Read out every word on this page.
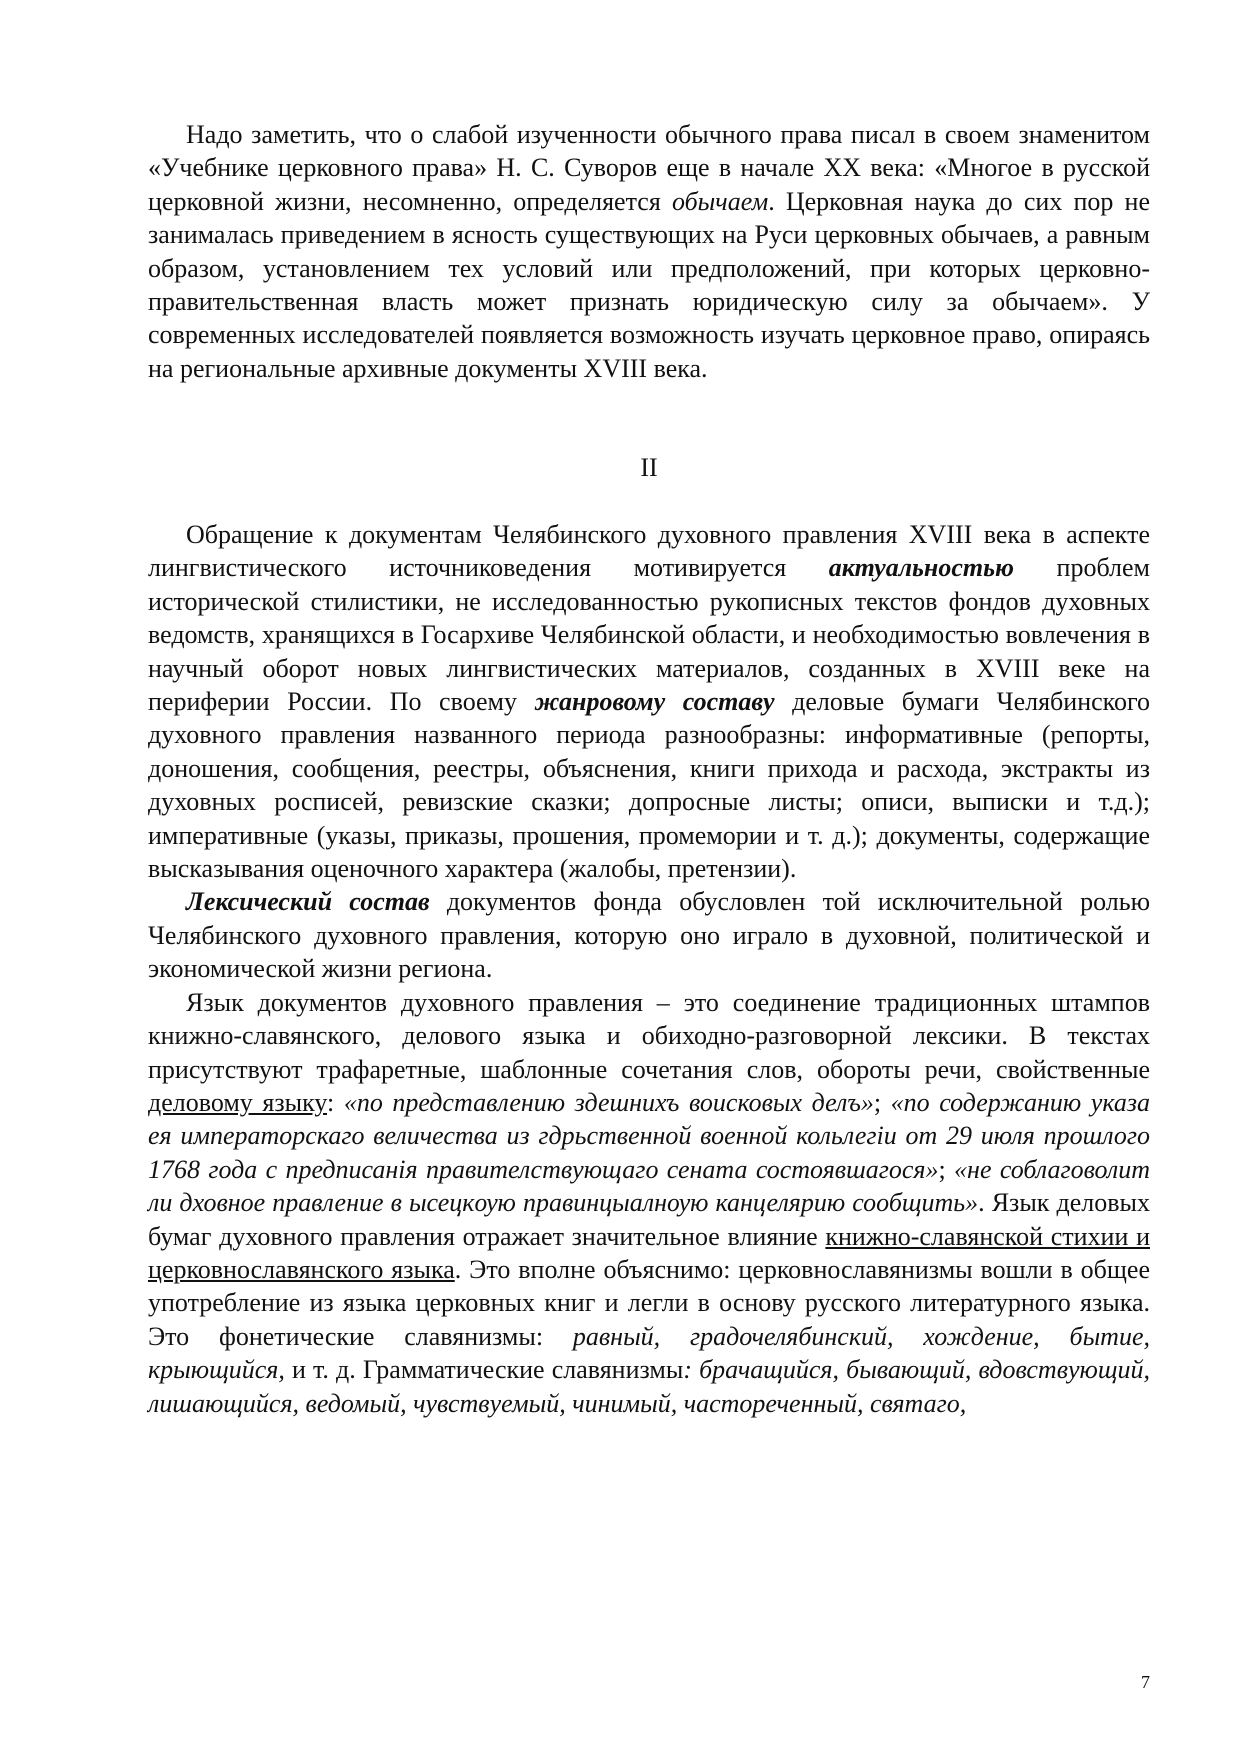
Надо заметить, что о слабой изученности обычного права писал в своем знаменитом «Учебнике церковного права» Н. С. Суворов еще в начале XX века: «Многое в русской церковной жизни, несомненно, определяется обычаем. Церковная наука до сих пор не занималась приведением в ясность существующих на Руси церковных обычаев, а равным образом, установлением тех условий или предположений, при которых церковно-правительственная власть может признать юридическую силу за обычаем». У современных исследователей появляется возможность изучать церковное право, опираясь на региональные архивные документы XVIII века.

II

Обращение к документам Челябинского духовного правления XVIII века в аспекте лингвистического источниковедения мотивируется актуальностью проблем исторической стилистики, не исследованностью рукописных текстов фондов духовных ведомств, хранящихся в Госархиве Челябинской области, и необходимостью вовлечения в научный оборот новых лингвистических материалов, созданных в XVIII веке на периферии России. По своему жанровому составу деловые бумаги Челябинского духовного правления названного периода разнообразны: информативные (репорты, доношения, сообщения, реестры, объяснения, книги прихода и расхода, экстракты из духовных росписей, ревизские сказки; допросные листы; описи, выписки и т.д.); императивные (указы, приказы, прошения, промемории и т. д.); документы, содержащие высказывания оценочного характера (жалобы, претензии).

Лексический состав документов фонда обусловлен той исключительной ролью Челябинского духовного правления, которую оно играло в духовной, политической и экономической жизни региона.

Язык документов духовного правления – это соединение традиционных штампов книжно-славянского, делового языка и обиходно-разговорной лексики. В текстах присутствуют трафаретные, шаблонные сочетания слов, обороты речи, свойственные деловому языку: «по представлению здешнихъ воисковых делъ»; «по содержанию указа ея императорскаго величества из гдрьственной военной кольлегiи от 29 июля прошлого 1768 года с предписанiя правителствующаго сената состоявшагося»; «не соблаговолит ли дховное правление в ысецкѹю правинцыалнѹю канцелярию сообщить». Язык деловых бумаг духовного правления отражает значительное влияние книжно-славянской стихии и церковнославянского языка. Это вполне объяснимо: церковнославянизмы вошли в общее употребление из языка церковных книг и легли в основу русского литературного языка. Это фонетические славянизмы: равный, градочелябинский, хождение, бытие, крыющийся, и т. д. Грамматические славянизмы: брачащийся, бывающий, вдовствующий, лишающийся, ведомый, чувствуемый, чинимый, частореченный, святаго,

7
